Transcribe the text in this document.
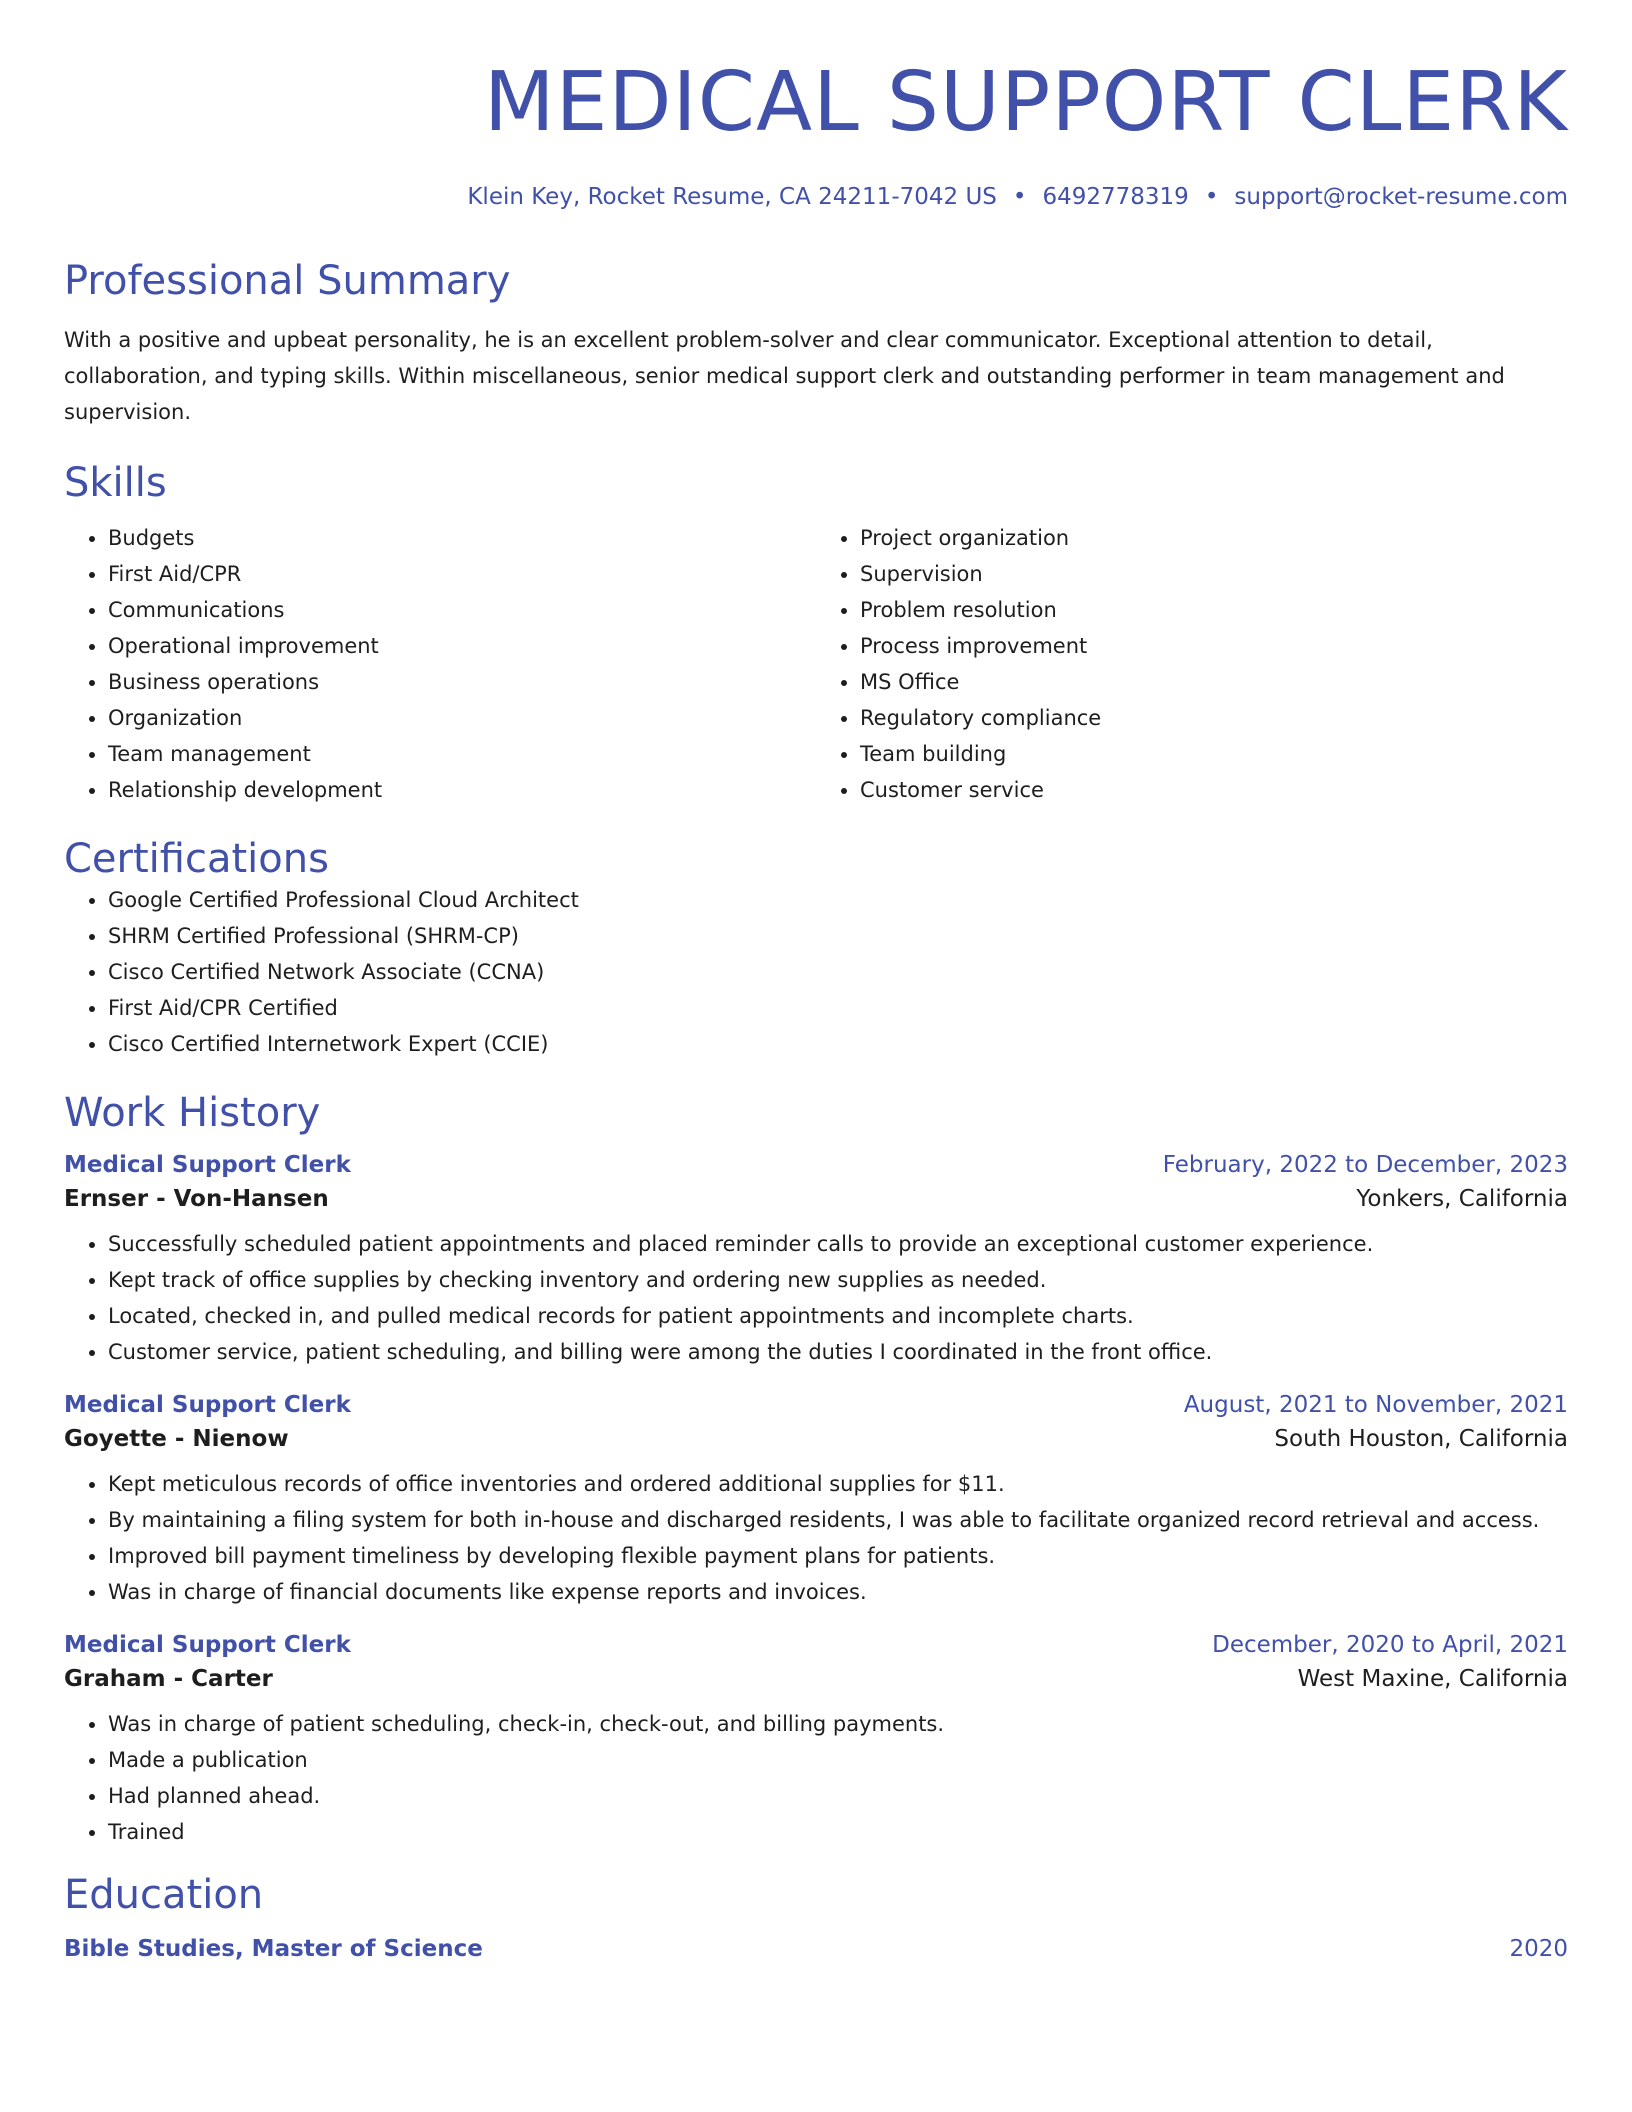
MEDICAL SUPPORT CLERK
Klein Key, Rocket Resume, CA 24211-7042 US • 6492778319 • support@rocket-resume.com
Professional Summary
With a positive and upbeat personality, he is an excellent problem-solver and clear communicator. Exceptional attention to detail, collaboration, and typing skills. Within miscellaneous, senior medical support clerk and outstanding performer in team management and supervision.
Skills
• Budgets
• First Aid/CPR
• Communications
• Operational improvement
• Business operations
• Organization
• Team management
• Relationship development
• Project organization
• Supervision
• Problem resolution
• Process improvement
• MS Office
• Regulatory compliance
• Team building
• Customer service
Certifications
• Google Certified Professional Cloud Architect
• SHRM Certified Professional (SHRM-CP)
• Cisco Certified Network Associate (CCNA)
• First Aid/CPR Certified
• Cisco Certified Internetwork Expert (CCIE)
Work History
Medical Support Clerk	February, 2022 to December, 2023
Ernser - Von-Hansen	Yonkers, California
• Successfully scheduled patient appointments and placed reminder calls to provide an exceptional customer experience.
• Kept track of office supplies by checking inventory and ordering new supplies as needed.
• Located, checked in, and pulled medical records for patient appointments and incomplete charts.
• Customer service, patient scheduling, and billing were among the duties I coordinated in the front office.
Medical Support Clerk	August, 2021 to November, 2021
Goyette - Nienow	South Houston, California
• Kept meticulous records of office inventories and ordered additional supplies for $11.
• By maintaining a filing system for both in-house and discharged residents, I was able to facilitate organized record retrieval and access.
• Improved bill payment timeliness by developing flexible payment plans for patients.
• Was in charge of financial documents like expense reports and invoices.
Medical Support Clerk	December, 2020 to April, 2021
Graham - Carter	West Maxine, California
• Was in charge of patient scheduling, check-in, check-out, and billing payments.
• Made a publication
• Had planned ahead.
• Trained
Education
Bible Studies, Master of Science	2020
